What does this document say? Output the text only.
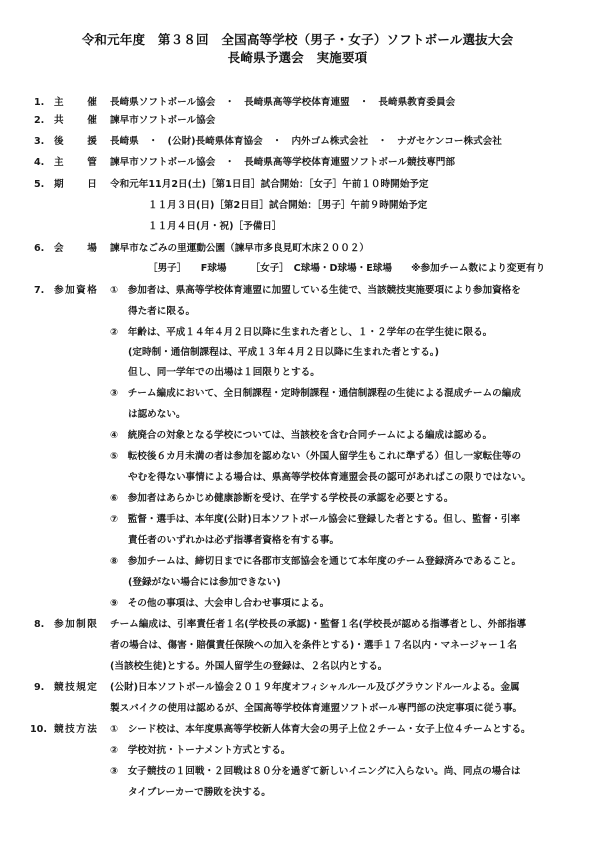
令和元年度　第３８回　全国高等学校（男子・女子）ソフトボール選抜大会
長崎県予選会　実施要項
1. 主　　催 長崎県ソフトボール協会　・　長崎県高等学校体育連盟　・　長崎県教育委員会
2. 共　　催 諫早市ソフトボール協会
3. 後　　援 長崎県　・　(公財)長崎県体育協会　・　内外ゴム株式会社　・　ナガセケンコー株式会社
4. 主　　管 諫早市ソフトボール協会　・　長崎県高等学校体育連盟ソフトボール競技専門部
5. 期　　日 令和元年11月2日(土)［第1日目］試合開始：［女子］午前１０時開始予定
１１月３日(日)［第2日目］試合開始：［男子］午前９時開始予定
１１月４日(月・祝)［予備日］
6. 会　　場 諫早市なごみの里運動公園（諫早市多良見町木床２００２）
［男子］　　F球場　　　［女子］　C球場・D球場・E球場　　※参加チーム数により変更有り
7. 参加資格 ①　参加者は、県高等学校体育連盟に加盟している生徒で、当該競技実施要項により参加資格を
得た者に限る。
②　年齢は、平成１４年４月２日以降に生まれた者とし、１・２学年の在学生徒に限る。
(定時制・通信制課程は、平成１３年４月２日以降に生まれた者とする。)
但し、同一学年での出場は１回限りとする。
③　チーム編成において、全日制課程・定時制課程・通信制課程の生徒による混成チームの編成
は認めない。
④　統廃合の対象となる学校については、当該校を含む合同チームによる編成は認める。
⑤　転校後６カ月未満の者は参加を認めない（外国人留学生もこれに準ずる）但し一家転住等の
やむを得ない事情による場合は、県高等学校体育連盟会長の認可があればこの限りではない。
⑥　参加者はあらかじめ健康診断を受け、在学する学校長の承認を必要とする。
⑦　監督・選手は、本年度(公財)日本ソフトボール協会に登録した者とする。但し、監督・引率
責任者のいずれかは必ず指導者資格を有する事。
⑧　参加チームは、締切日までに各郡市支部協会を通じて本年度のチーム登録済みであること。
(登録がない場合には参加できない)
⑨　その他の事項は、大会申し合わせ事項による。
8. 参加制限 チーム編成は、引率責任者１名(学校長の承認)・監督１名(学校長が認める指導者とし、外部指導
者の場合は、傷害・賠償責任保険への加入を条件とする)・選手１７名以内・マネージャー１名
(当該校生徒)とする。外国人留学生の登録は、２名以内とする。
9. 競技規定 (公財)日本ソフトボール協会２０１９年度オフィシャルルール及びグラウンドルールよる。金属
製スパイクの使用は認めるが、全国高等学校体育連盟ソフトボール専門部の決定事項に従う事。
10. 競技方法 ①　シード校は、本年度県高等学校新人体育大会の男子上位２チーム・女子上位４チームとする。
②　学校対抗・トーナメント方式とする。
③　女子競技の１回戦・２回戦は８０分を過ぎて新しいイニングに入らない。尚、同点の場合は
タイブレーカーで勝敗を決する。
